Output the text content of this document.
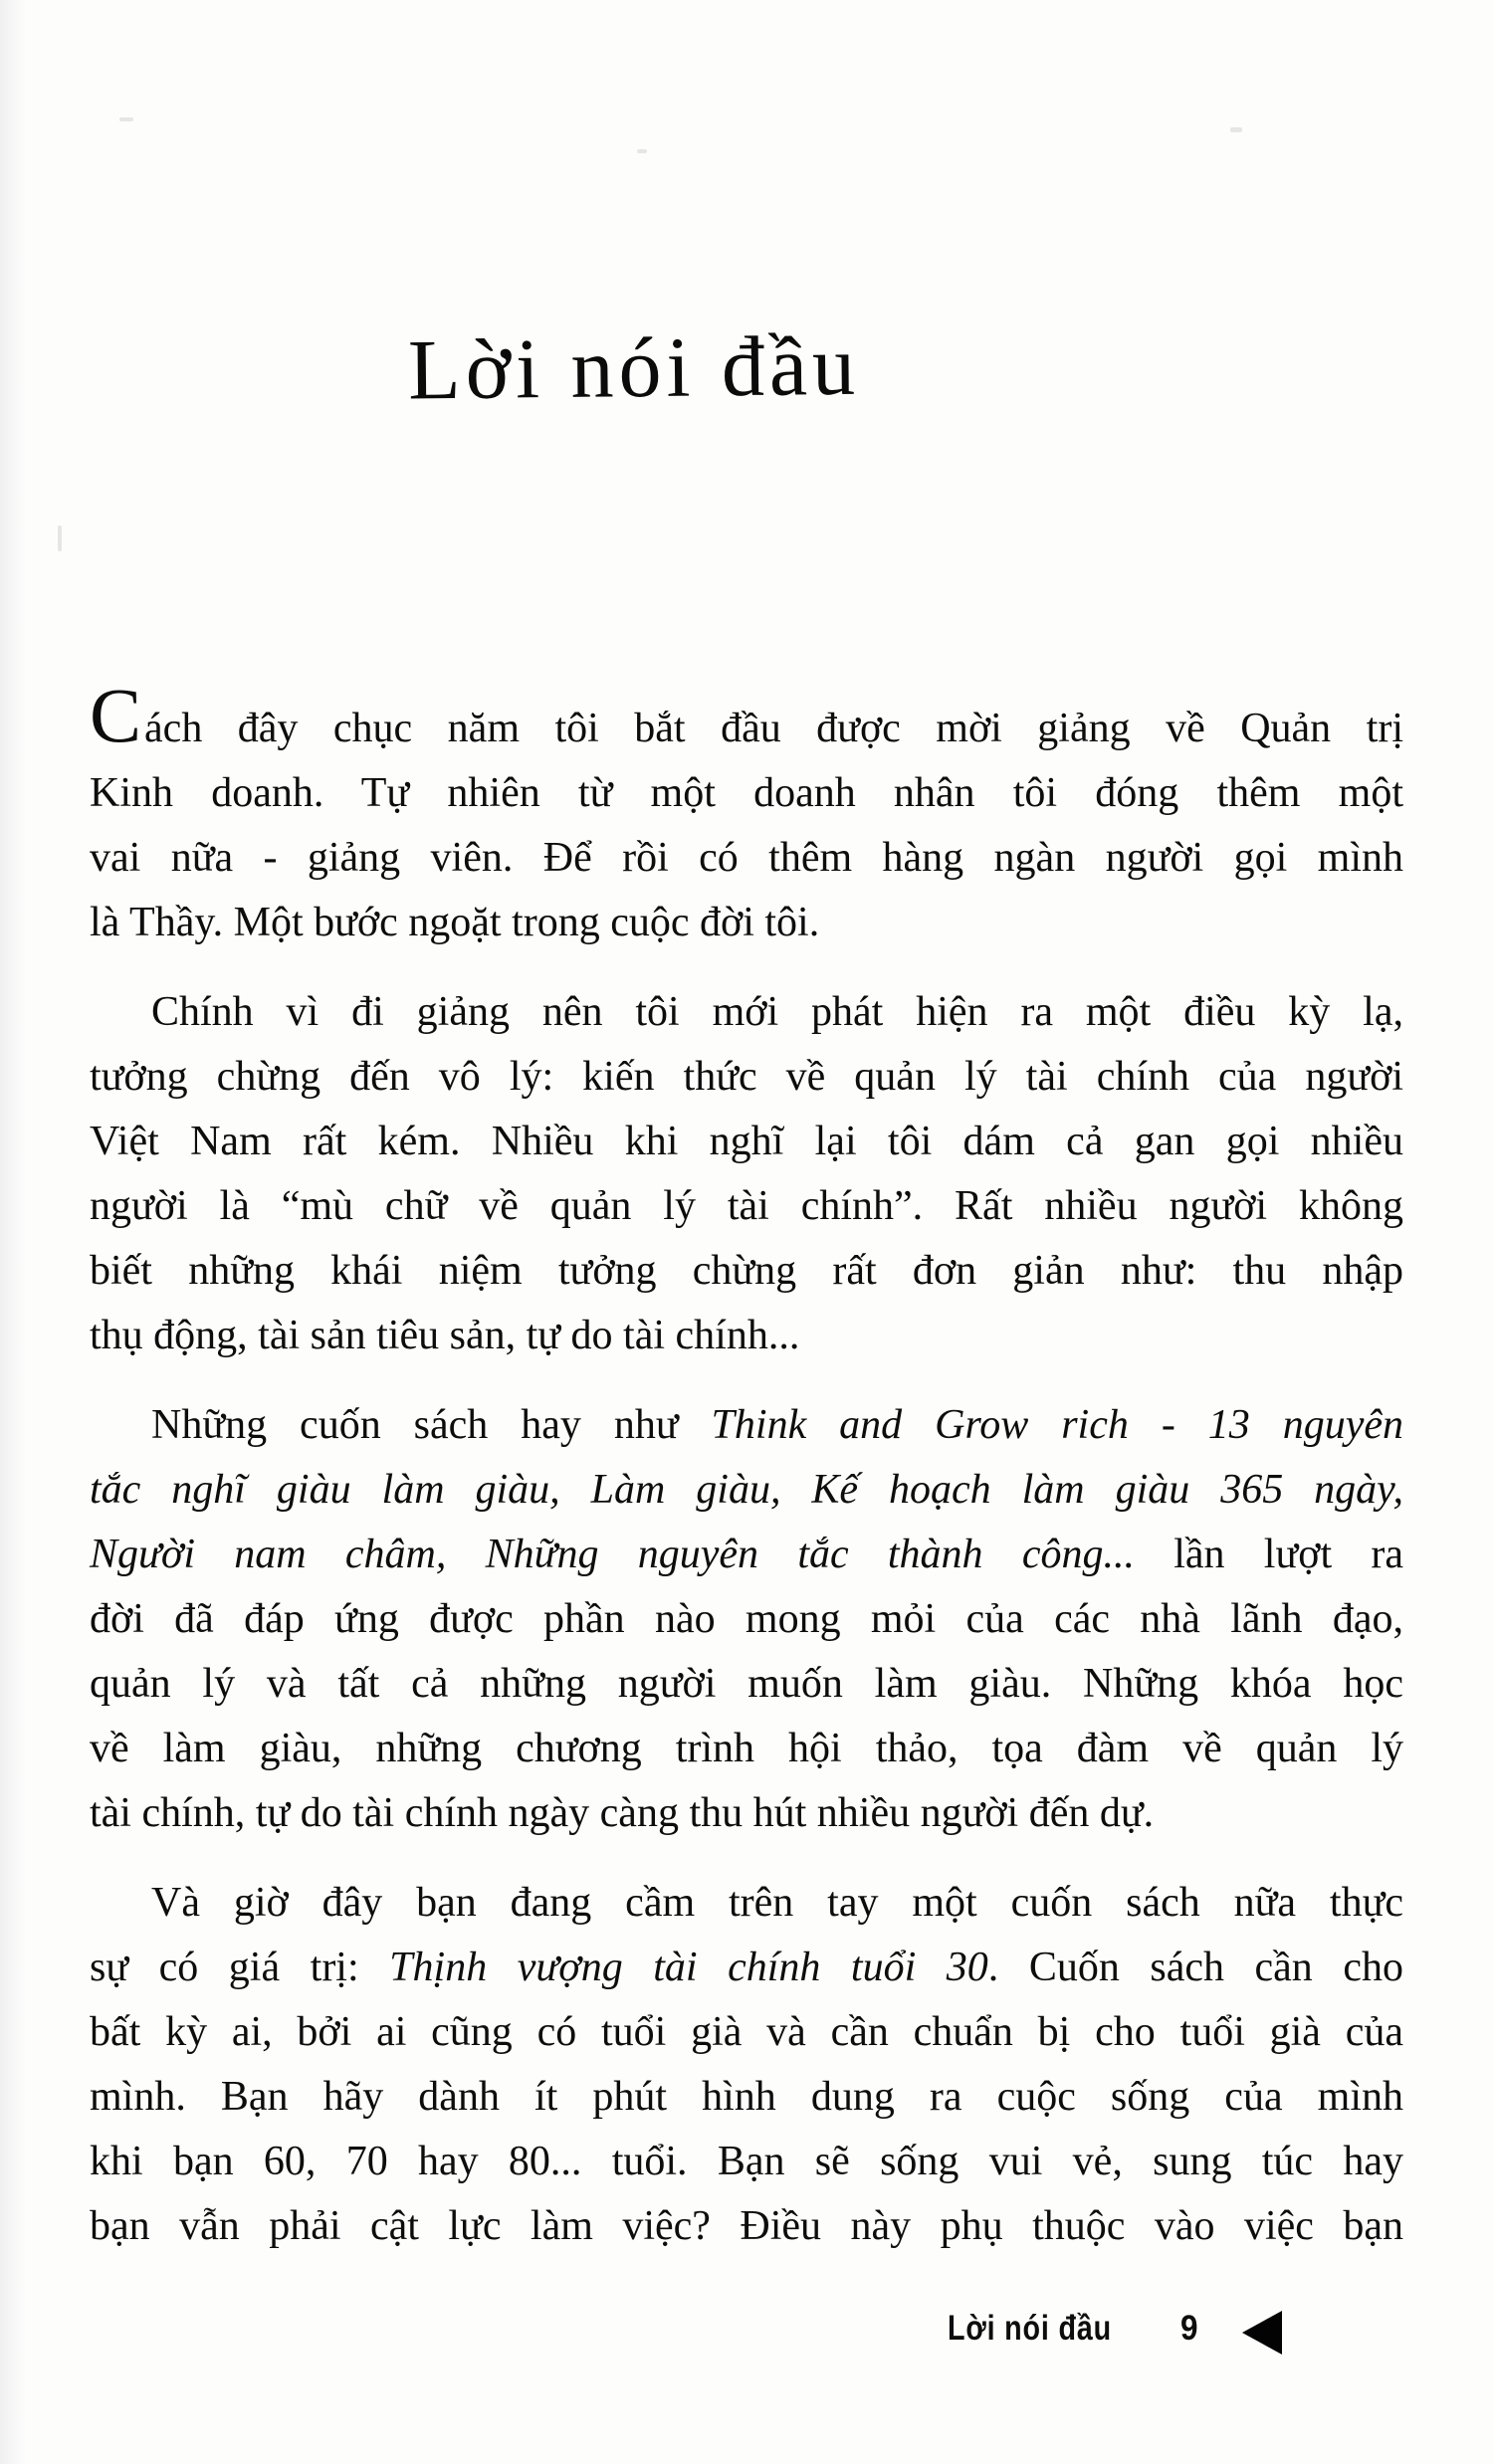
Lời nói đầu
Cách đây chục năm tôi bắt đầu được mời giảng về Quản trị
Kinh doanh. Tự nhiên từ một doanh nhân tôi đóng thêm một
vai nữa - giảng viên. Để rồi có thêm hàng ngàn người gọi mình
là Thầy. Một bước ngoặt trong cuộc đời tôi.
Chính vì đi giảng nên tôi mới phát hiện ra một điều kỳ lạ,
tưởng chừng đến vô lý: kiến thức về quản lý tài chính của người
Việt Nam rất kém. Nhiều khi nghĩ lại tôi dám cả gan gọi nhiều
người là “mù chữ về quản lý tài chính”. Rất nhiều người không
biết những khái niệm tưởng chừng rất đơn giản như: thu nhập
thụ động, tài sản tiêu sản, tự do tài chính...
Những cuốn sách hay như Think and Grow rich - 13 nguyên
tắc nghĩ giàu làm giàu, Làm giàu, Kế hoạch làm giàu 365 ngày,
Người nam châm, Những nguyên tắc thành công... lần lượt ra
đời đã đáp ứng được phần nào mong mỏi của các nhà lãnh đạo,
quản lý và tất cả những người muốn làm giàu. Những khóa học
về làm giàu, những chương trình hội thảo, tọa đàm về quản lý
tài chính, tự do tài chính ngày càng thu hút nhiều người đến dự.
Và giờ đây bạn đang cầm trên tay một cuốn sách nữa thực
sự có giá trị: Thịnh vượng tài chính tuổi 30. Cuốn sách cần cho
bất kỳ ai, bởi ai cũng có tuổi già và cần chuẩn bị cho tuổi già của
mình. Bạn hãy dành ít phút hình dung ra cuộc sống của mình
khi bạn 60, 70 hay 80... tuổi. Bạn sẽ sống vui vẻ, sung túc hay
bạn vẫn phải cật lực làm việc? Điều này phụ thuộc vào việc bạn
Lời nói đầu 9
